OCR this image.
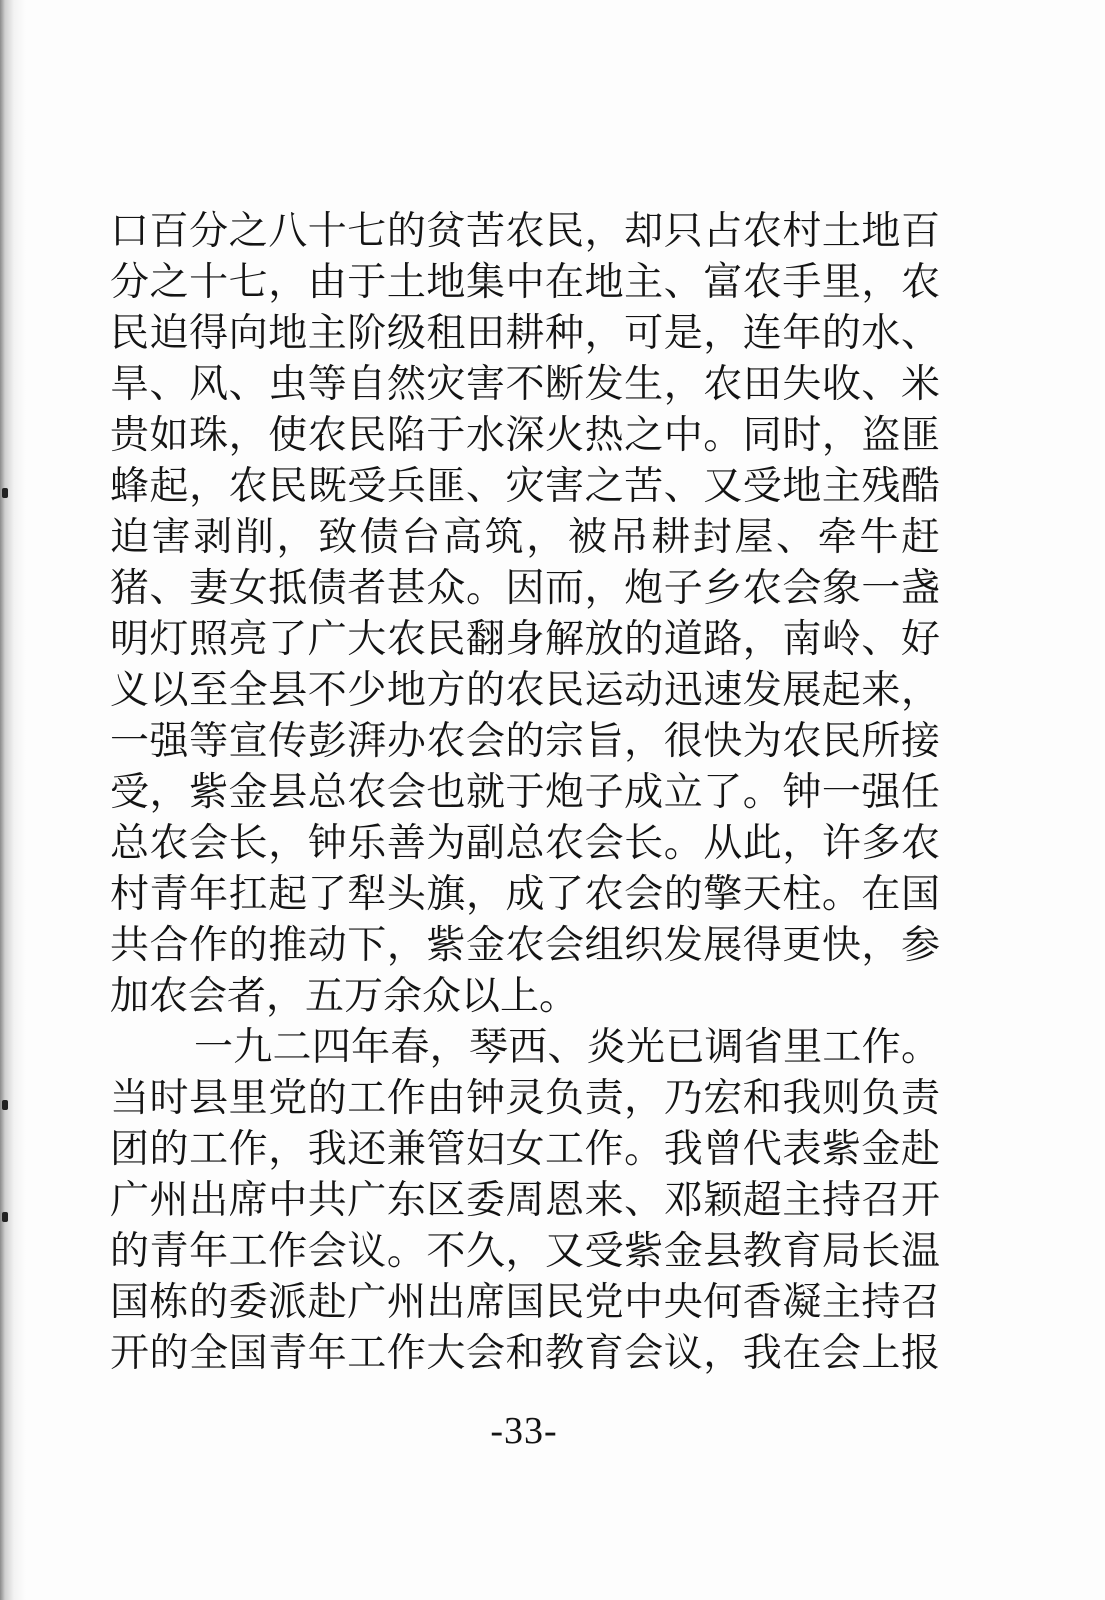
口百分之八十七的贫苦农民，却只占农村土地百
分之十七，由于土地集中在地主、富农手里，农
民迫得向地主阶级租田耕种，可是，连年的水、
旱、风、虫等自然灾害不断发生，农田失收、米
贵如珠，使农民陷于水深火热之中。同时，盗匪
蜂起，农民既受兵匪、灾害之苦、又受地主残酷
迫害剥削，致债台高筑，被吊耕封屋、牵牛赶
猪、妻女抵债者甚众。因而，炮子乡农会象一盏
明灯照亮了广大农民翻身解放的道路，南岭、好
义以至全县不少地方的农民运动迅速发展起来，
一强等宣传彭湃办农会的宗旨，很快为农民所接
受，紫金县总农会也就于炮子成立了。钟一强任
总农会长，钟乐善为副总农会长。从此，许多农
村青年扛起了犁头旗，成了农会的擎天柱。在国
共合作的推动下，紫金农会组织发展得更快，参
加农会者，五万余众以上。
一九二四年春，琴西、炎光已调省里工作。
当时县里党的工作由钟灵负责，乃宏和我则负责
团的工作，我还兼管妇女工作。我曾代表紫金赴
广州出席中共广东区委周恩来、邓颖超主持召开
的青年工作会议。不久，又受紫金县教育局长温
国栋的委派赴广州出席国民党中央何香凝主持召
开的全国青年工作大会和教育会议，我在会上报
-33-
